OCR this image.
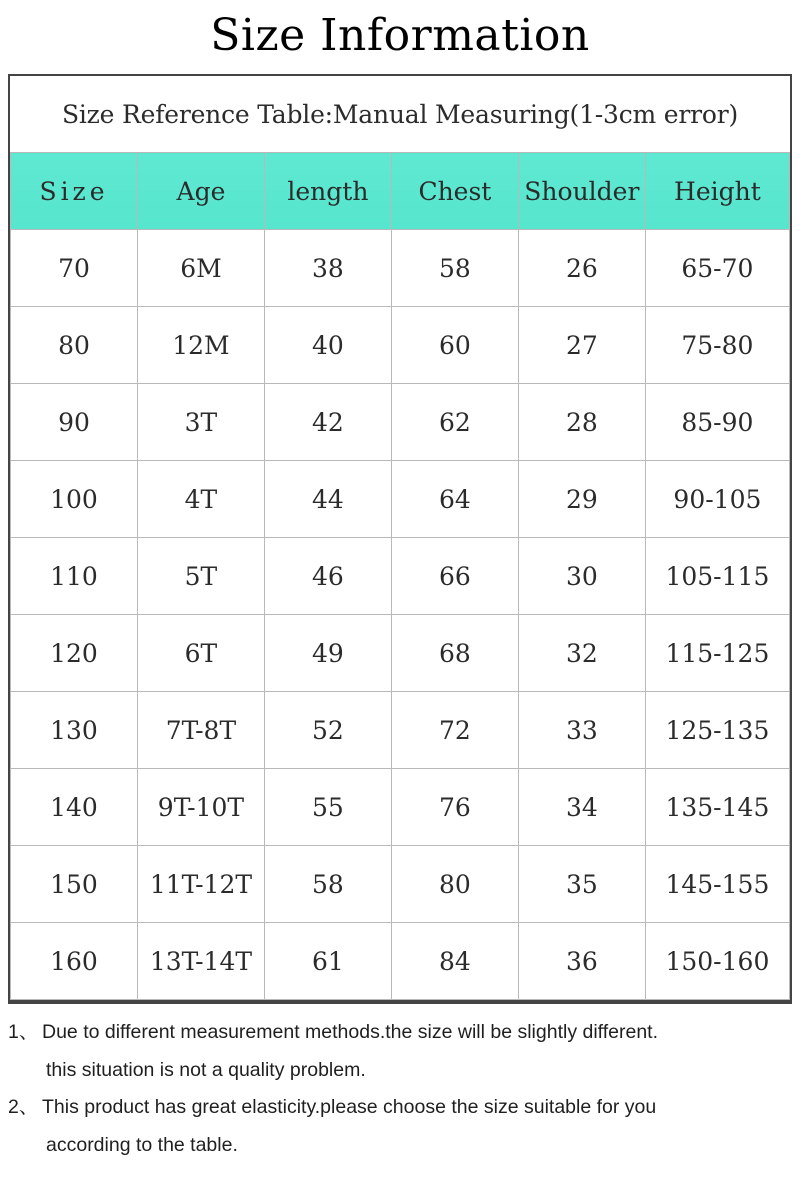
Size Information
Size Reference Table:Manual Measuring(1-3cm error)					
Size	Age	length	Chest	Shoulder	Height
70	6M	38	58	26	65-70
80	12M	40	60	27	75-80
90	3T	42	62	28	85-90
100	4T	44	64	29	90-105
110	5T	46	66	30	105-115
120	6T	49	68	32	115-125
130	7T-8T	52	72	33	125-135
140	9T-10T	55	76	34	135-145
150	11T-12T	58	80	35	145-155
160	13T-14T	61	84	36	150-160
1、 Due to different measurement methods.the size will be slightly different.
this situation is not a quality problem.
2、 This product has great elasticity.please choose the size suitable for you
according to the table.
